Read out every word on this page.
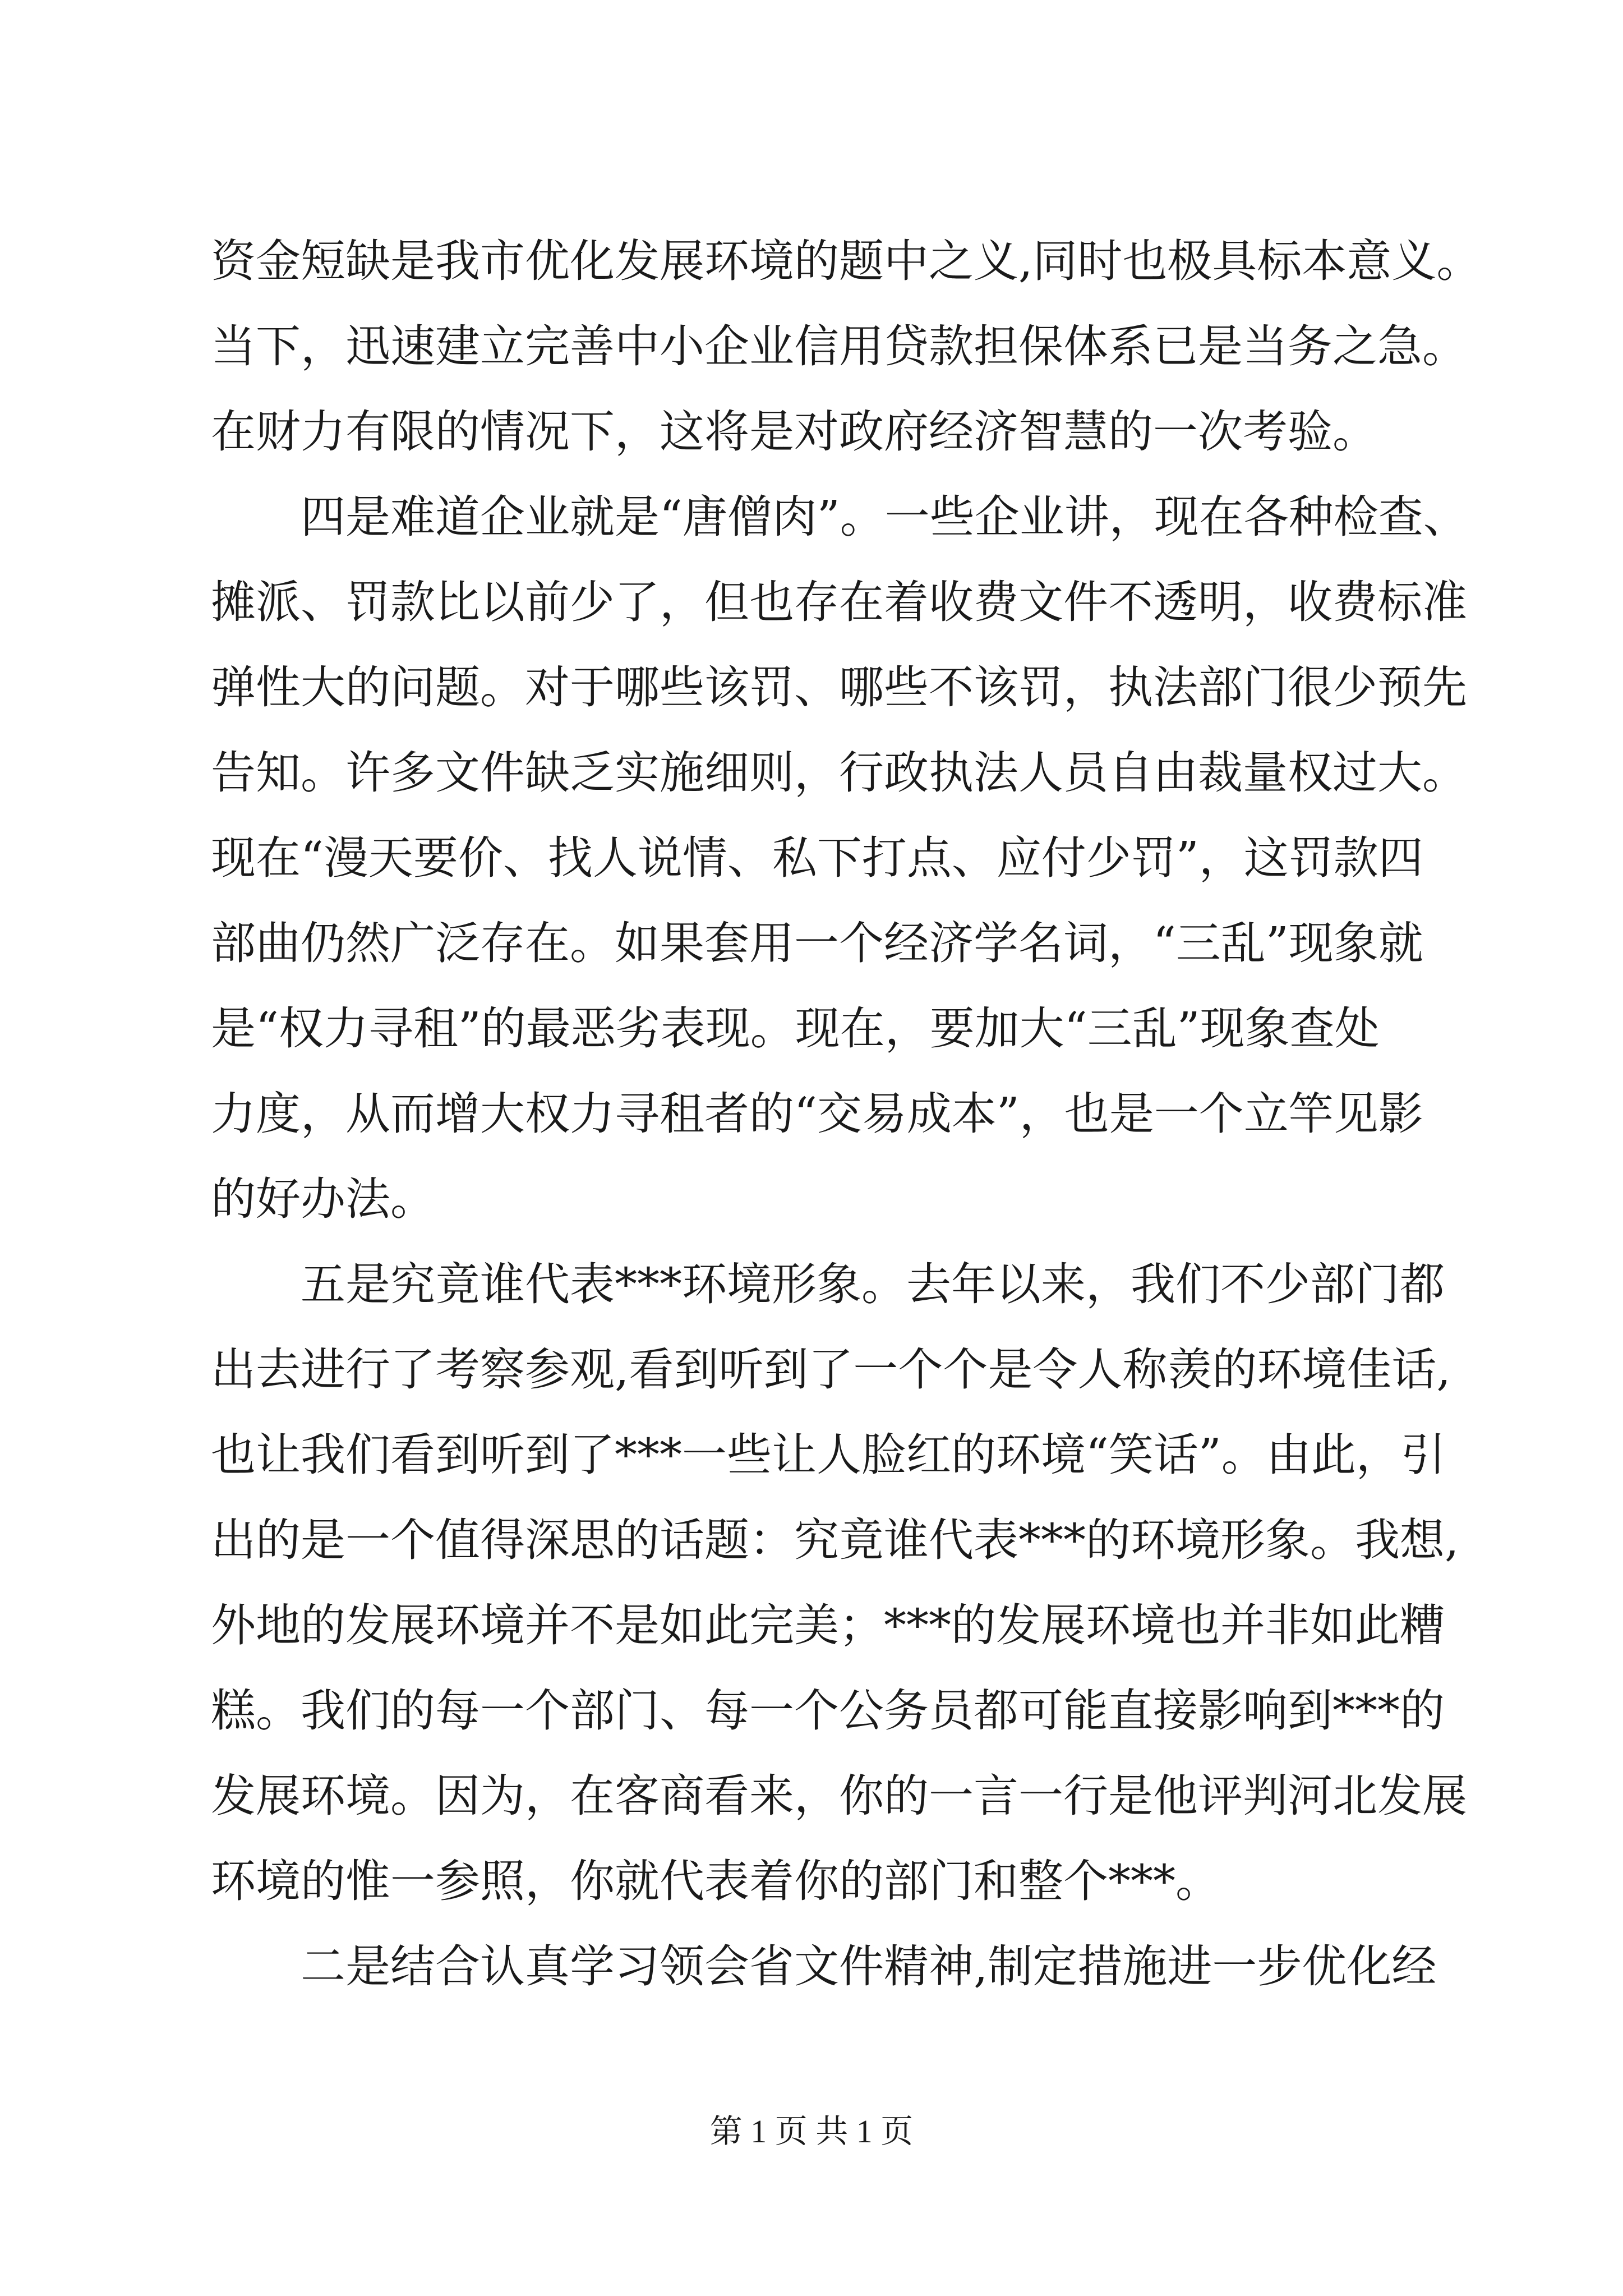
资金短缺是我市优化发展环境的题中之义,同时也极具标本意义。
当下，迅速建立完善中小企业信用贷款担保体系已是当务之急。
在财力有限的情况下，这将是对政府经济智慧的一次考验。
四是难道企业就是“唐僧肉”。一些企业讲，现在各种检查、
摊派、罚款比以前少了，但也存在着收费文件不透明，收费标准
弹性大的问题。对于哪些该罚、哪些不该罚，执法部门很少预先
告知。许多文件缺乏实施细则，行政执法人员自由裁量权过大。
现在“漫天要价、找人说情、私下打点、应付少罚”，这罚款四
部曲仍然广泛存在。如果套用一个经济学名词，“三乱”现象就
是“权力寻租”的最恶劣表现。现在，要加大“三乱”现象查处
力度，从而增大权力寻租者的“交易成本”，也是一个立竿见影
的好办法。
五是究竟谁代表***环境形象。去年以来，我们不少部门都
出去进行了考察参观,看到听到了一个个是令人称羡的环境佳话,
也让我们看到听到了***一些让人脸红的环境“笑话”。由此，引
出的是一个值得深思的话题：究竟谁代表***的环境形象。我想,
外地的发展环境并不是如此完美；***的发展环境也并非如此糟
糕。我们的每一个部门、每一个公务员都可能直接影响到***的
发展环境。因为，在客商看来，你的一言一行是他评判河北发展
环境的惟一参照，你就代表着你的部门和整个***。
二是结合认真学习领会省文件精神,制定措施进一步优化经
第 1 页 共 1 页
